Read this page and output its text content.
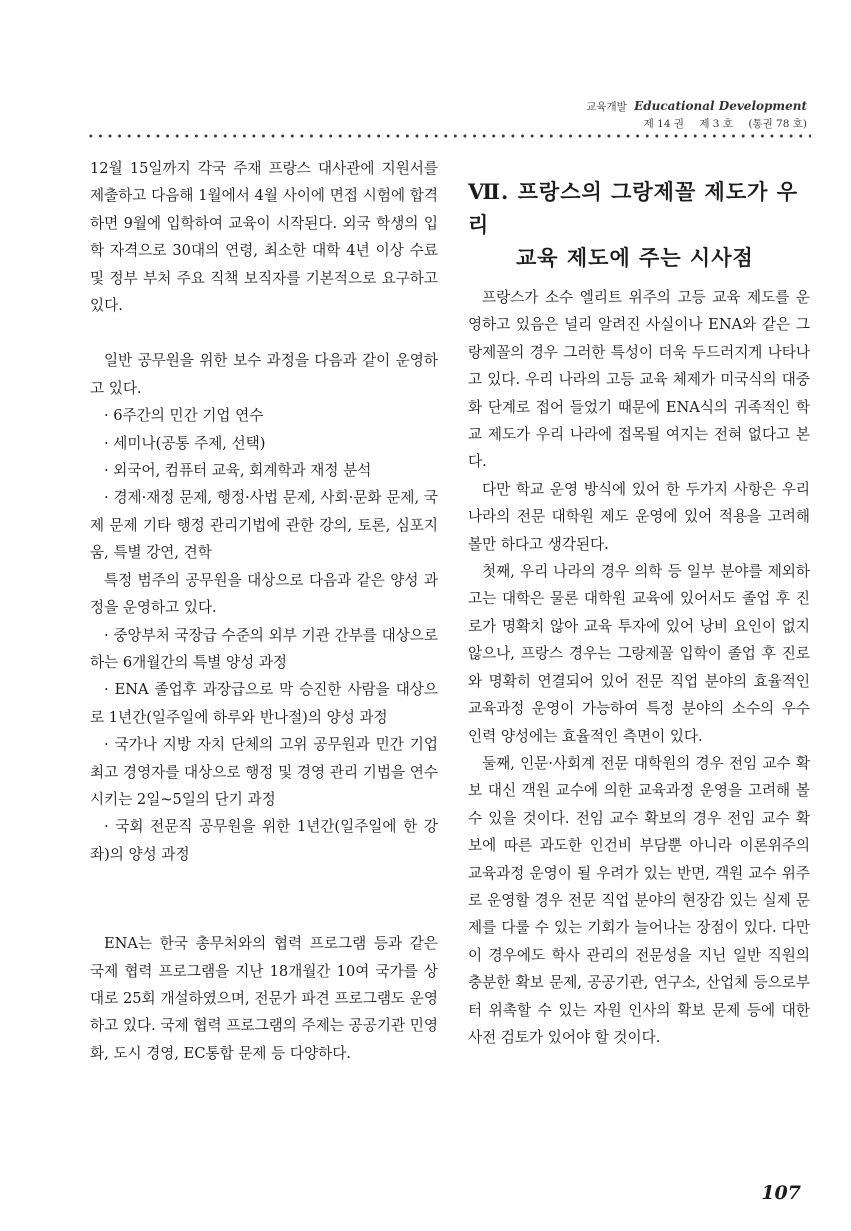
교육개발 Educational Development
제 14 권 제 3 호 (통권 78 호)

12월 15일까지 각국 주재 프랑스 대사관에 지원서를 제출하고 다음해 1월에서 4월 사이에 면접 시험에 합격하면 9월에 입학하여 교육이 시작된다. 외국 학생의 입학 자격으로 30대의 연령, 최소한 대학 4년 이상 수료 및 정부 부처 주요 직책 보직자를 기본적으로 요구하고 있다.

일반 공무원을 위한 보수 과정을 다음과 같이 운영하고 있다.

· 6주간의 민간 기업 연수

· 세미나(공통 주제, 선택)

· 외국어, 컴퓨터 교육, 회계학과 재정 분석

· 경제·재정 문제, 행정·사법 문제, 사회·문화 문제, 국제 문제 기타 행정 관리기법에 관한 강의, 토론, 심포지움, 특별 강연, 견학

특정 범주의 공무원을 대상으로 다음과 같은 양성 과정을 운영하고 있다.

· 중앙부처 국장급 수준의 외부 기관 간부를 대상으로 하는 6개월간의 특별 양성 과정

· ENA 졸업후 과장급으로 막 승진한 사람을 대상으로 1년간(일주일에 하루와 반나절)의 양성 과정

· 국가나 지방 자치 단체의 고위 공무원과 민간 기업 최고 경영자를 대상으로 행정 및 경영 관리 기법을 연수시키는 2일~5일의 단기 과정

· 국회 전문직 공무원을 위한 1년간(일주일에 한 강좌)의 양성 과정

ENA는 한국 총무처와의 협력 프로그램 등과 같은 국제 협력 프로그램을 지난 18개월간 10여 국가를 상대로 25회 개설하였으며, 전문가 파견 프로그램도 운영하고 있다. 국제 협력 프로그램의 주제는 공공기관 민영화, 도시 경영, EC통합 문제 등 다양하다.

Ⅶ. 프랑스의 그랑제꼴 제도가 우리
교육 제도에 주는 시사점

프랑스가 소수 엘리트 위주의 고등 교육 제도를 운영하고 있음은 널리 알려진 사실이나 ENA와 같은 그랑제꼴의 경우 그러한 특성이 더욱 두드러지게 나타나고 있다. 우리 나라의 고등 교육 체제가 미국식의 대중화 단계로 접어 들었기 때문에 ENA식의 귀족적인 학교 제도가 우리 나라에 접목될 여지는 전혀 없다고 본다.

다만 학교 운영 방식에 있어 한 두가지 사항은 우리 나라의 전문 대학원 제도 운영에 있어 적용을 고려해 볼만 하다고 생각된다.

첫째, 우리 나라의 경우 의학 등 일부 분야를 제외하고는 대학은 물론 대학원 교육에 있어서도 졸업 후 진로가 명확치 않아 교육 투자에 있어 낭비 요인이 없지 않으나, 프랑스 경우는 그랑제꼴 입학이 졸업 후 진로와 명확히 연결되어 있어 전문 직업 분야의 효율적인 교육과정 운영이 가능하여 특정 분야의 소수의 우수 인력 양성에는 효율적인 측면이 있다.

둘째, 인문·사회계 전문 대학원의 경우 전임 교수 확보 대신 객원 교수에 의한 교육과정 운영을 고려해 볼 수 있을 것이다. 전임 교수 확보의 경우 전임 교수 확보에 따른 과도한 인건비 부담뿐 아니라 이론위주의 교육과정 운영이 될 우려가 있는 반면, 객원 교수 위주로 운영할 경우 전문 직업 분야의 현장감 있는 실제 문제를 다룰 수 있는 기회가 늘어나는 장점이 있다. 다만 이 경우에도 학사 관리의 전문성을 지닌 일반 직원의 충분한 확보 문제, 공공기관, 연구소, 산업체 등으로부터 위촉할 수 있는 자원 인사의 확보 문제 등에 대한 사전 검토가 있어야 할 것이다.

107
